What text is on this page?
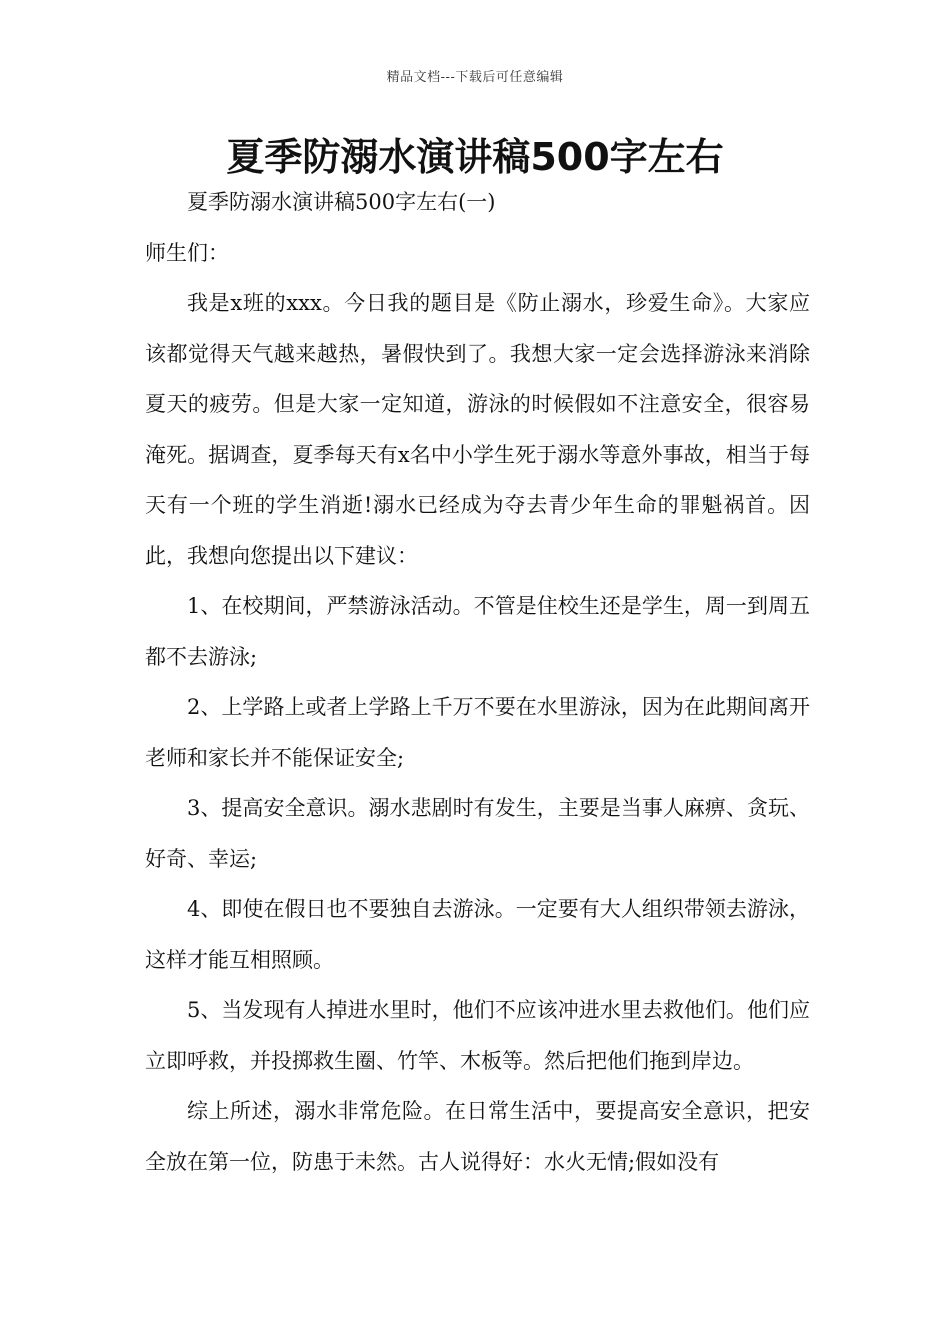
精品文档---下载后可任意编辑
夏季防溺水演讲稿500字左右

夏季防溺水演讲稿500字左右(一)

师生们：

我是x班的xxx。今日我的题目是《防止溺水，珍爱生命》。大家应该都觉得天气越来越热，暑假快到了。我想大家一定会选择游泳来消除夏天的疲劳。但是大家一定知道，游泳的时候假如不注意安全，很容易淹死。据调查，夏季每天有x名中小学生死于溺水等意外事故，相当于每天有一个班的学生消逝!溺水已经成为夺去青少年生命的罪魁祸首。因此，我想向您提出以下建议：

1、在校期间，严禁游泳活动。不管是住校生还是学生，周一到周五都不去游泳;

2、上学路上或者上学路上千万不要在水里游泳，因为在此期间离开老师和家长并不能保证安全;

3、提高安全意识。溺水悲剧时有发生，主要是当事人麻痹、贪玩、好奇、幸运;

4、即使在假日也不要独自去游泳。一定要有大人组织带领去游泳，这样才能互相照顾。

5、当发现有人掉进水里时，他们不应该冲进水里去救他们。他们应立即呼救，并投掷救生圈、竹竿、木板等。然后把他们拖到岸边。

综上所述，溺水非常危险。在日常生活中，要提高安全意识，把安全放在第一位，防患于未然。古人说得好：水火无情;假如没有
